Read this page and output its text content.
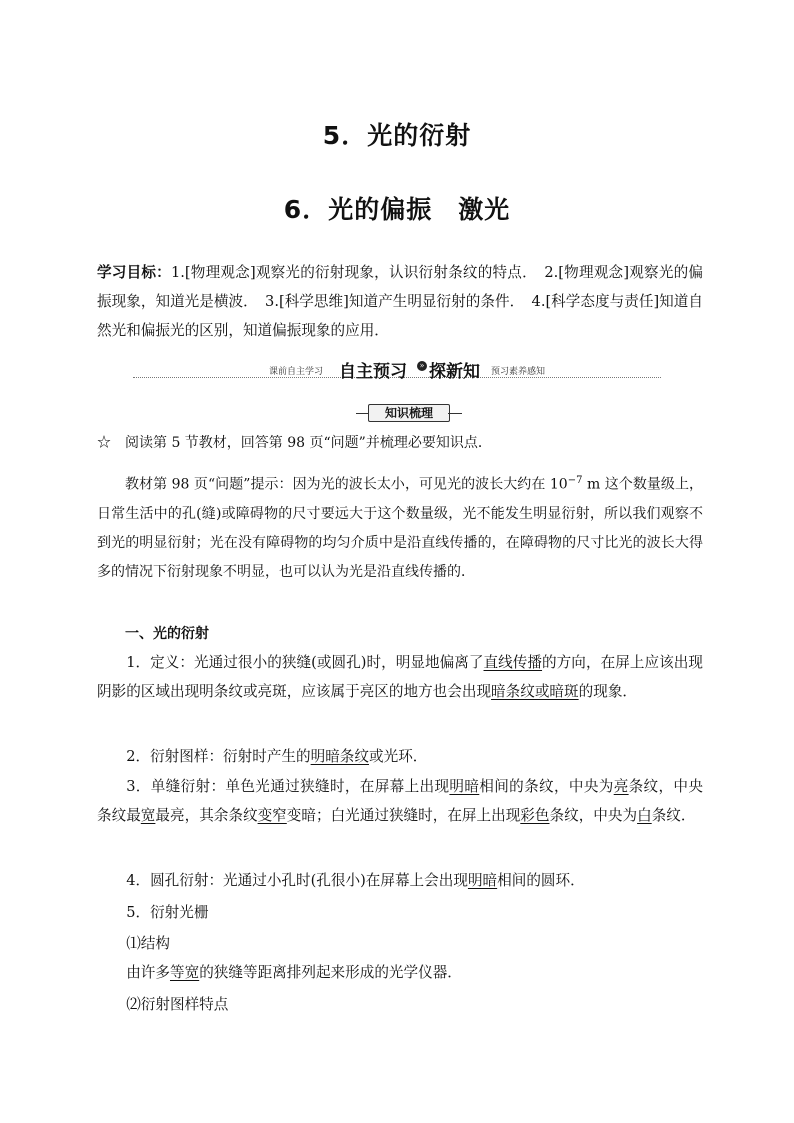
5．光的衍射
6．光的偏振　激光
学习目标：1.[物理观念]观察光的衍射现象，认识衍射条纹的特点．　2.[物理观念]观察光的偏振现象，知道光是横波．　3.[科学思维]知道产生明显衍射的条件．　4.[科学态度与责任]知道自然光和偏振光的区别，知道偏振现象的应用．
课前自主学习 自主预习	» 探新知 预习素养感知
知识梳理
☆　阅读第 5 节教材，回答第 98 页“问题”并梳理必要知识点．
教材第 98 页“问题”提示：因为光的波长太小，可见光的波长大约在 $10^{-7}$ m 这个数量级上，日常生活中的孔(缝)或障碍物的尺寸要远大于这个数量级，光不能发生明显衍射，所以我们观察不到光的明显衍射；光在没有障碍物的均匀介质中是沿直线传播的，在障碍物的尺寸比光的波长大得多的情况下衍射现象不明显，也可以认为光是沿直线传播的．
一、光的衍射
1．定义：光通过很小的狭缝(或圆孔)时，明显地偏离了直线传播的方向，在屏上应该出现阴影的区域出现明条纹或亮斑，应该属于亮区的地方也会出现暗条纹或暗斑的现象．
2．衍射图样：衍射时产生的明暗条纹或光环．
3．单缝衍射：单色光通过狭缝时，在屏幕上出现明暗相间的条纹，中央为亮条纹，中央条纹最宽最亮，其余条纹变窄变暗；白光通过狭缝时，在屏上出现彩色条纹，中央为白条纹．
4．圆孔衍射：光通过小孔时(孔很小)在屏幕上会出现明暗相间的圆环．
5．衍射光栅
⑴结构
由许多等宽的狭缝等距离排列起来形成的光学仪器．
⑵衍射图样特点
